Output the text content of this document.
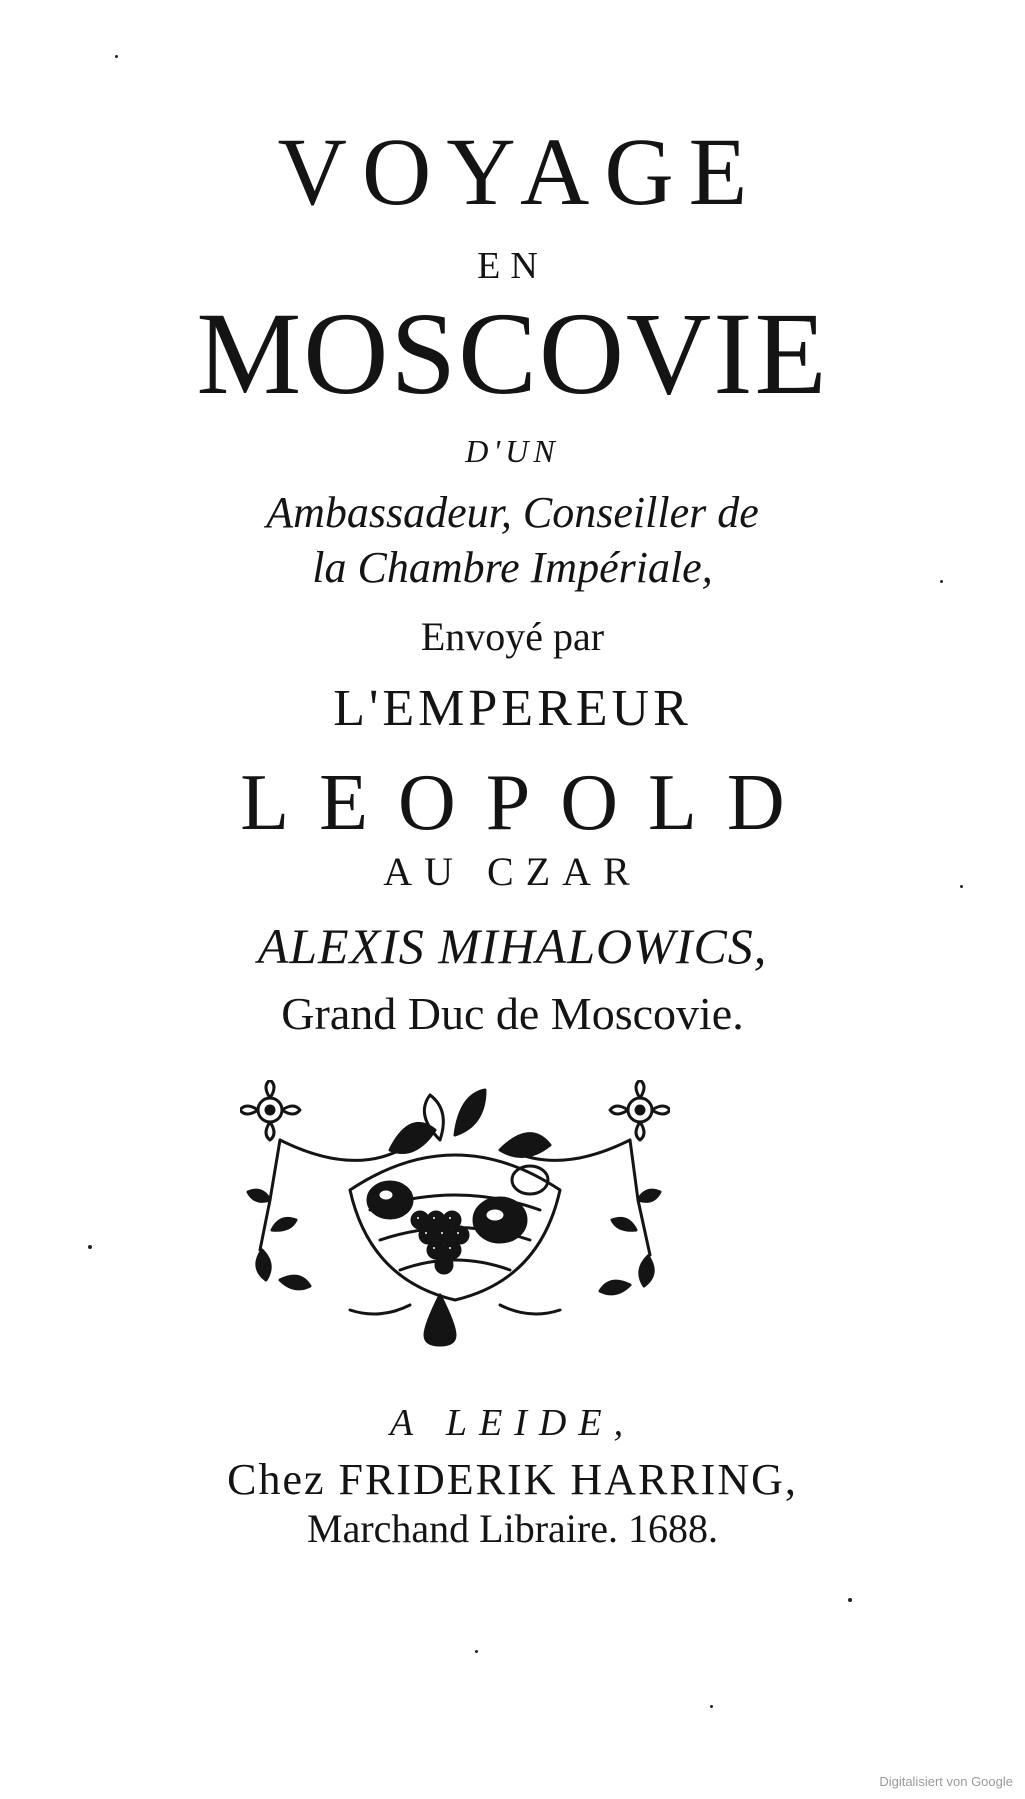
VOYAGE
EN
MOSCOVIE
D'UN
Ambassadeur, Conseiller de
la Chambre Impériale,
Envoyé par
L'EMPEREUR
LEOPOLD
AU CZAR
ALEXIS MIHALOWICS,
Grand Duc de Moscovie.
A LEIDE,
Chez FRIDERIK HARRING,
Marchand Libraire. 1688.
Digitalisiert von Google
